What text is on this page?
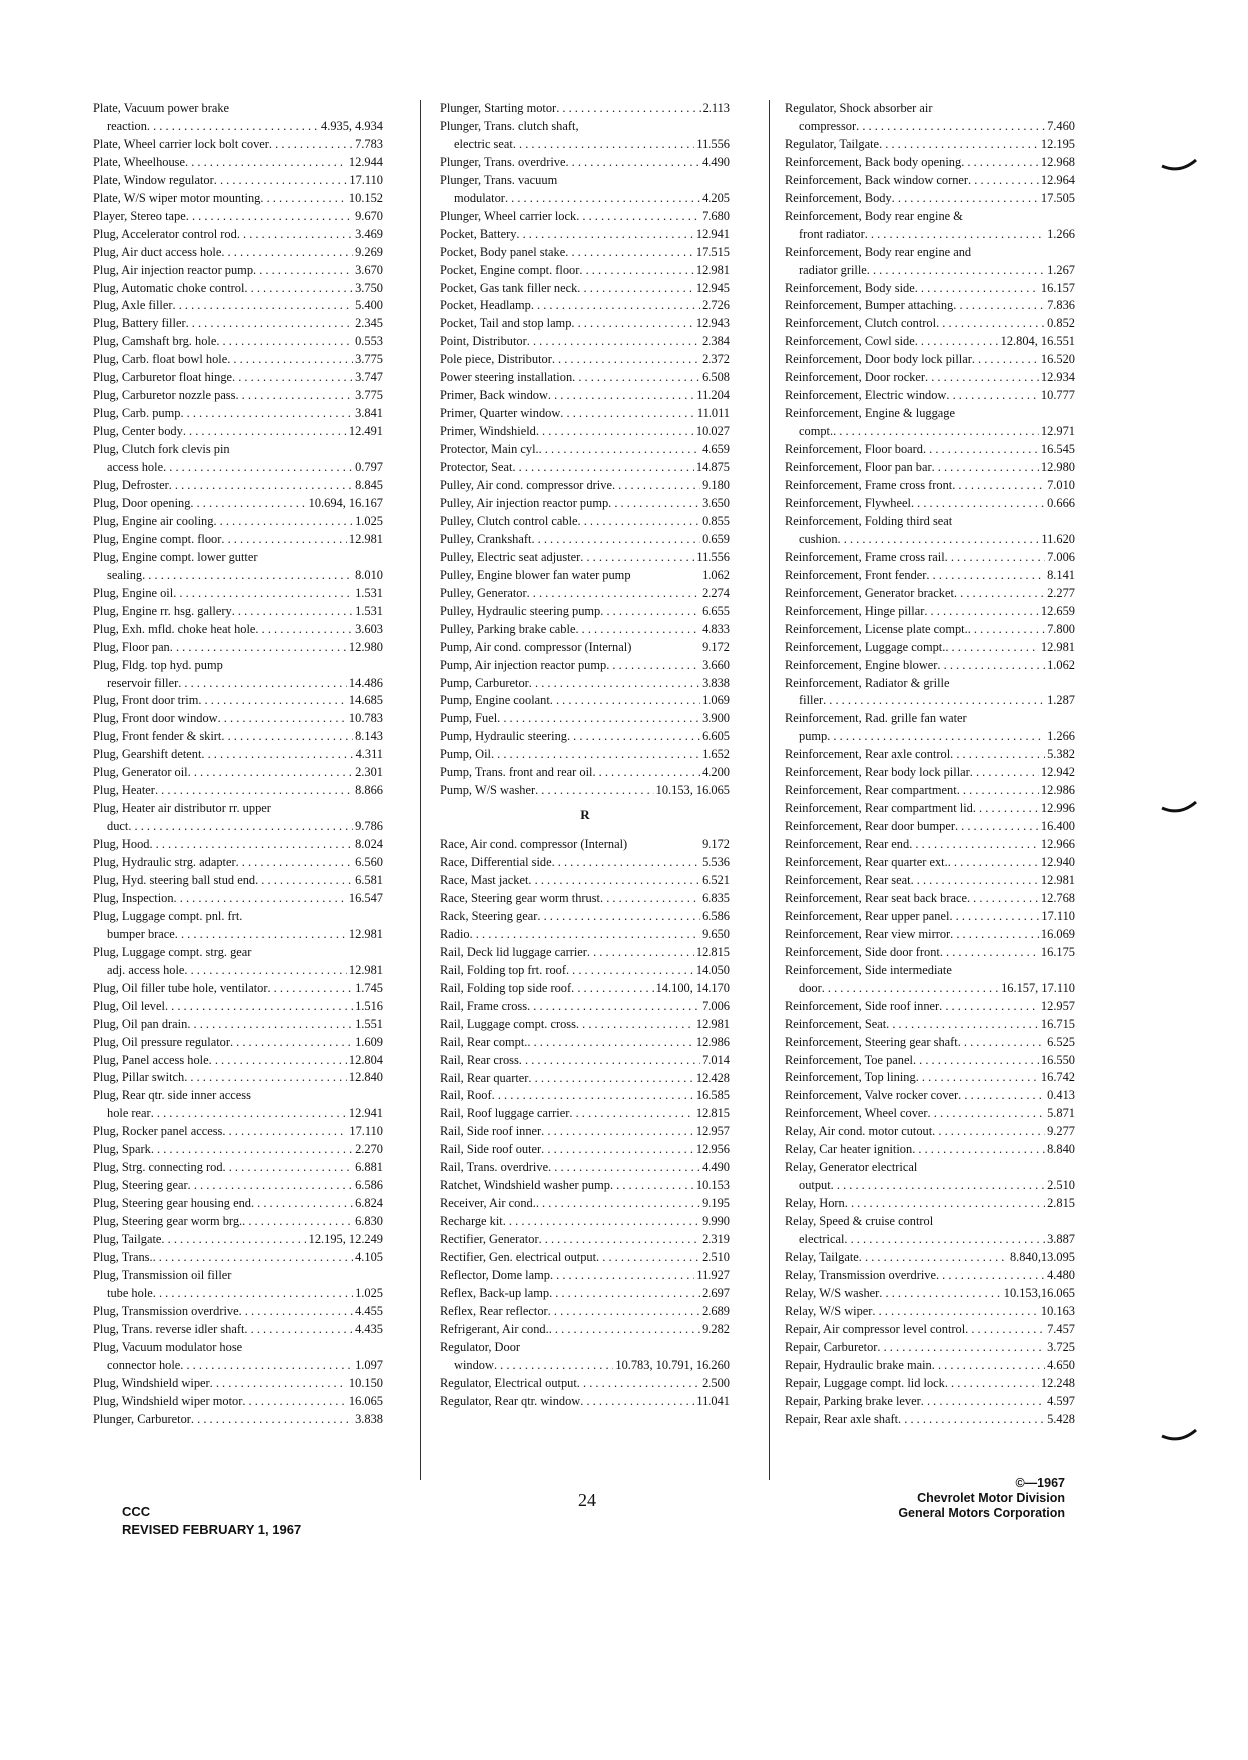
Plate, Vacuum power brake
reaction . . .	4.935, 4.934
Plate, Wheel carrier lock bolt cover . . .	7.783
Plate, Wheelhouse . . .	12.944
Plate, Window regulator . . .	17.110
Plate, W/S wiper motor mounting . . .	10.152
Player, Stereo tape . . .	9.670
Plug, Accelerator control rod . . .	3.469
Plug, Air duct access hole . . .	9.269
Plug, Air injection reactor pump . . .	3.670
Plug, Automatic choke control . . .	3.750
Plug, Axle filler . . .	5.400
Plug, Battery filler . . .	2.345
Plug, Camshaft brg. hole . . .	0.553
Plug, Carb. float bowl hole . . .	3.775
Plug, Carburetor float hinge . . .	3.747
Plug, Carburetor nozzle pass . . .	3.775
Plug, Carb. pump . . .	3.841
Plug, Center body . . .	12.491
Plug, Clutch fork clevis pin
access hole . . .	0.797
Plug, Defroster . . .	8.845
Plug, Door opening . . .	10.694, 16.167
Plug, Engine air cooling . . .	1.025
Plug, Engine compt. floor . . .	12.981
Plug, Engine compt. lower gutter
sealing . . .	8.010
Plug, Engine oil . . .	1.531
Plug, Engine rr. hsg. gallery . . .	1.531
Plug, Exh. mfld. choke heat hole . . .	3.603
Plug, Floor pan . . .	12.980
Plug, Fldg. top hyd. pump
reservoir filler . . .	14.486
Plug, Front door trim . . .	14.685
Plug, Front door window . . .	10.783
Plug, Front fender & skirt . . .	8.143
Plug, Gearshift detent . . .	4.311
Plug, Generator oil . . .	2.301
Plug, Heater . . .	8.866
Plug, Heater air distributor rr. upper
duct . . .	9.786
Plug, Hood . . .	8.024
Plug, Hydraulic strg. adapter . . .	6.560
Plug, Hyd. steering ball stud end . . .	6.581
Plug, Inspection . . .	16.547
Plug, Luggage compt. pnl. frt.
bumper brace . . .	12.981
Plug, Luggage compt. strg. gear
adj. access hole . . .	12.981
Plug, Oil filler tube hole, ventilator . . .	1.745
Plug, Oil level . . .	1.516
Plug, Oil pan drain . . .	1.551
Plug, Oil pressure regulator . . .	1.609
Plug, Panel access hole . . .	12.804
Plug, Pillar switch . . .	12.840
Plug, Rear qtr. side inner access
hole rear . . .	12.941
Plug, Rocker panel access . . .	17.110
Plug, Spark . . .	2.270
Plug, Strg. connecting rod . . .	6.881
Plug, Steering gear . . .	6.586
Plug, Steering gear housing end . . .	6.824
Plug, Steering gear worm brg. . . .	6.830
Plug, Tailgate . . .	12.195, 12.249
Plug, Trans. . . .	4.105
Plug, Transmission oil filler
tube hole . . .	1.025
Plug, Transmission overdrive . . .	4.455
Plug, Trans. reverse idler shaft . . .	4.435
Plug, Vacuum modulator hose
connector hole . . .	1.097
Plug, Windshield wiper . . .	10.150
Plug, Windshield wiper motor . . .	16.065
Plunger, Carburetor . . .	3.838
Plunger, Starting motor . . .	2.113
Plunger, Trans. clutch shaft,
electric seat . . .	11.556
Plunger, Trans. overdrive . . .	4.490
Plunger, Trans. vacuum
modulator . . .	4.205
Plunger, Wheel carrier lock . . .	7.680
Pocket, Battery . . .	12.941
Pocket, Body panel stake . . .	17.515
Pocket, Engine compt. floor . . .	12.981
Pocket, Gas tank filler neck . . .	12.945
Pocket, Headlamp . . .	2.726
Pocket, Tail and stop lamp . . .	12.943
Point, Distributor . . .	2.384
Pole piece, Distributor . . .	2.372
Power steering installation . . .	6.508
Primer, Back window . . .	11.204
Primer, Quarter window . . .	11.011
Primer, Windshield . . .	10.027
Protector, Main cyl. . . .	4.659
Protector, Seat . . .	14.875
Pulley, Air cond. compressor drive . . .	9.180
Pulley, Air injection reactor pump . . .	3.650
Pulley, Clutch control cable . . .	0.855
Pulley, Crankshaft . . .	0.659
Pulley, Electric seat adjuster . . .	11.556
Pulley, Engine blower fan water pump	1.062
Pulley, Generator . . .	2.274
Pulley, Hydraulic steering pump . . .	6.655
Pulley, Parking brake cable . . .	4.833
Pump, Air cond. compressor (Internal)	9.172
Pump, Air injection reactor pump . . .	3.660
Pump, Carburetor . . .	3.838
Pump, Engine coolant . . .	1.069
Pump, Fuel . . .	3.900
Pump, Hydraulic steering . . .	6.605
Pump, Oil . . .	1.652
Pump, Trans. front and rear oil . . .	4.200
Pump, W/S washer . . .	10.153, 16.065
R
Race, Air cond. compressor (Internal)	9.172
Race, Differential side . . .	5.536
Race, Mast jacket . . .	6.521
Race, Steering gear worm thrust . . .	6.835
Rack, Steering gear . . .	6.586
Radio . . .	9.650
Rail, Deck lid luggage carrier . . .	12.815
Rail, Folding top frt. roof . . .	14.050
Rail, Folding top side roof . . .	14.100, 14.170
Rail, Frame cross . . .	7.006
Rail, Luggage compt. cross . . .	12.981
Rail, Rear compt. . . .	12.986
Rail, Rear cross . . .	7.014
Rail, Rear quarter . . .	12.428
Rail, Roof . . .	16.585
Rail, Roof luggage carrier . . .	12.815
Rail, Side roof inner . . .	12.957
Rail, Side roof outer . . .	12.956
Rail, Trans. overdrive . . .	4.490
Ratchet, Windshield washer pump . . .	10.153
Receiver, Air cond. . . .	9.195
Recharge kit . . .	9.990
Rectifier, Generator . . .	2.319
Rectifier, Gen. electrical output . . .	2.510
Reflector, Dome lamp . . .	11.927
Reflex, Back-up lamp . . .	2.697
Reflex, Rear reflector . . .	2.689
Refrigerant, Air cond. . . .	9.282
Regulator, Door
window . . .	10.783, 10.791, 16.260
Regulator, Electrical output . . .	2.500
Regulator, Rear qtr. window . . .	11.041
Regulator, Shock absorber air
compressor . . .	7.460
Regulator, Tailgate . . .	12.195
Reinforcement, Back body opening . . .	12.968
Reinforcement, Back window corner . . .	12.964
Reinforcement, Body . . .	17.505
Reinforcement, Body rear engine &
front radiator . . .	1.266
Reinforcement, Body rear engine and
radiator grille . . .	1.267
Reinforcement, Body side . . .	16.157
Reinforcement, Bumper attaching . . .	7.836
Reinforcement, Clutch control . . .	0.852
Reinforcement, Cowl side . . .	12.804, 16.551
Reinforcement, Door body lock pillar . . .	16.520
Reinforcement, Door rocker . . .	12.934
Reinforcement, Electric window . . .	10.777
Reinforcement, Engine & luggage
compt. . . .	12.971
Reinforcement, Floor board . . .	16.545
Reinforcement, Floor pan bar . . .	12.980
Reinforcement, Frame cross front . . .	7.010
Reinforcement, Flywheel . . .	0.666
Reinforcement, Folding third seat
cushion . . .	11.620
Reinforcement, Frame cross rail . . .	7.006
Reinforcement, Front fender . . .	8.141
Reinforcement, Generator bracket . . .	2.277
Reinforcement, Hinge pillar . . .	12.659
Reinforcement, License plate compt. . . .	7.800
Reinforcement, Luggage compt. . . .	12.981
Reinforcement, Engine blower . . .	1.062
Reinforcement, Radiator & grille
filler . . .	1.287
Reinforcement, Rad. grille fan water
pump . . .	1.266
Reinforcement, Rear axle control . . .	5.382
Reinforcement, Rear body lock pillar . . .	12.942
Reinforcement, Rear compartment . . .	12.986
Reinforcement, Rear compartment lid . . .	12.996
Reinforcement, Rear door bumper . . .	16.400
Reinforcement, Rear end . . .	12.966
Reinforcement, Rear quarter ext. . . .	12.940
Reinforcement, Rear seat . . .	12.981
Reinforcement, Rear seat back brace . . .	12.768
Reinforcement, Rear upper panel . . .	17.110
Reinforcement, Rear view mirror . . .	16.069
Reinforcement, Side door front . . .	16.175
Reinforcement, Side intermediate
door . . .	16.157, 17.110
Reinforcement, Side roof inner . . .	12.957
Reinforcement, Seat . . .	16.715
Reinforcement, Steering gear shaft . . .	6.525
Reinforcement, Toe panel . . .	16.550
Reinforcement, Top lining . . .	16.742
Reinforcement, Valve rocker cover . . .	0.413
Reinforcement, Wheel cover . . .	5.871
Relay, Air cond. motor cutout . . .	9.277
Relay, Car heater ignition . . .	8.840
Relay, Generator electrical
output . . .	2.510
Relay, Horn . . .	2.815
Relay, Speed & cruise control
electrical . . .	3.887
Relay, Tailgate . . .	8.840,13.095
Relay, Transmission overdrive . . .	4.480
Relay, W/S washer . . .	10.153,16.065
Relay, W/S wiper . . .	10.163
Repair, Air compressor level control . . .	7.457
Repair, Carburetor . . .	3.725
Repair, Hydraulic brake main . . .	4.650
Repair, Luggage compt. lid lock . . .	12.248
Repair, Parking brake lever . . .	4.597
Repair, Rear axle shaft . . .	5.428
CCC
REVISED FEBRUARY 1, 1967
24
©—1967
Chevrolet Motor Division
General Motors Corporation
